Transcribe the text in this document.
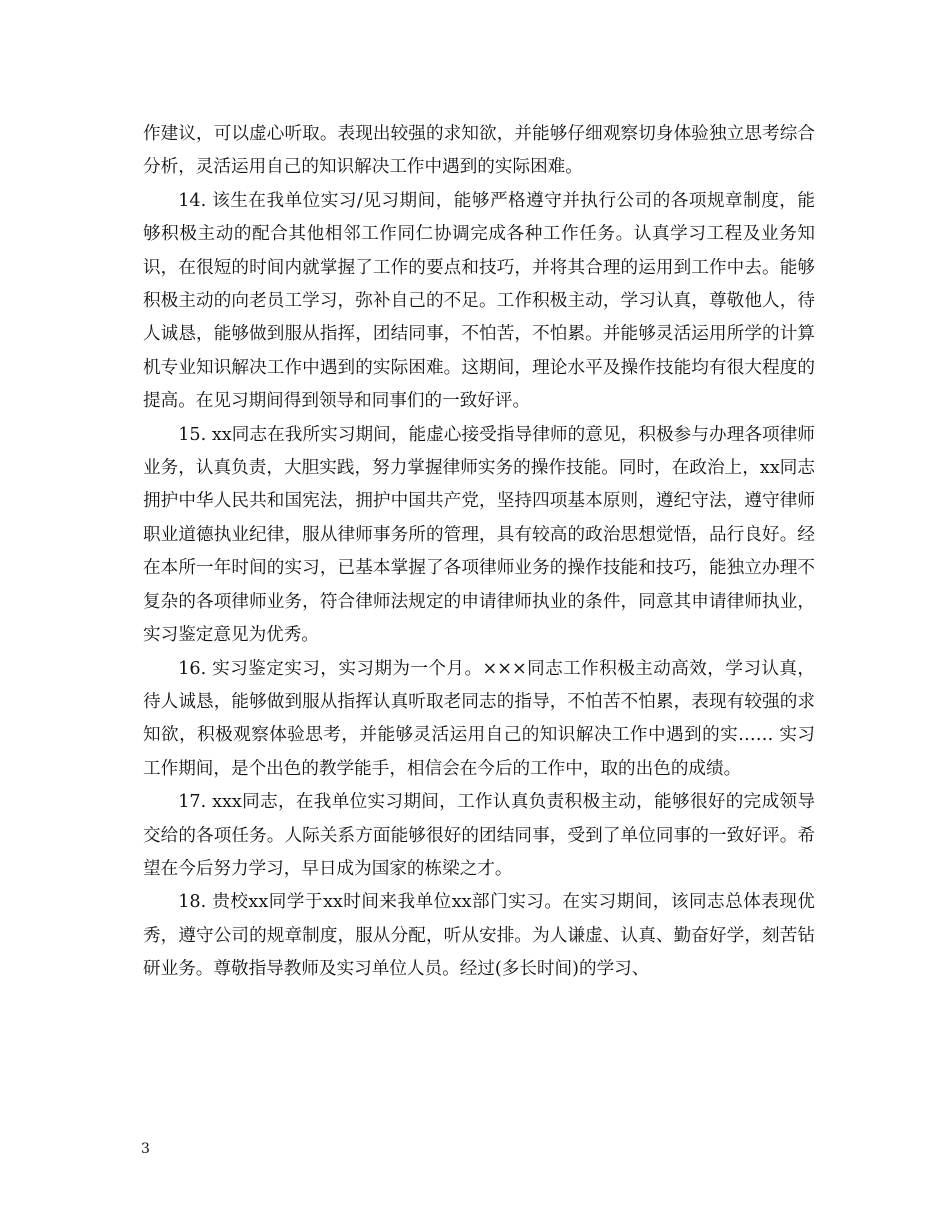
作建议，可以虚心听取。表现出较强的求知欲，并能够仔细观察切身体验独立思考综合分析，灵活运用自己的知识解决工作中遇到的实际困难。

14. 该生在我单位实习/见习期间，能够严格遵守并执行公司的各项规章制度，能够积极主动的配合其他相邻工作同仁协调完成各种工作任务。认真学习工程及业务知识，在很短的时间内就掌握了工作的要点和技巧，并将其合理的运用到工作中去。能够积极主动的向老员工学习，弥补自己的不足。工作积极主动，学习认真，尊敬他人，待人诚恳，能够做到服从指挥，团结同事，不怕苦，不怕累。并能够灵活运用所学的计算机专业知识解决工作中遇到的实际困难。这期间，理论水平及操作技能均有很大程度的提高。在见习期间得到领导和同事们的一致好评。

15. xx同志在我所实习期间，能虚心接受指导律师的意见，积极参与办理各项律师业务，认真负责，大胆实践，努力掌握律师实务的操作技能。同时，在政治上，xx同志拥护中华人民共和国宪法，拥护中国共产党，坚持四项基本原则，遵纪守法，遵守律师职业道德执业纪律，服从律师事务所的管理，具有较高的政治思想觉悟，品行良好。经在本所一年时间的实习，已基本掌握了各项律师业务的操作技能和技巧，能独立办理不复杂的各项律师业务，符合律师法规定的申请律师执业的条件，同意其申请律师执业，实习鉴定意见为优秀。

16. 实习鉴定实习，实习期为一个月。×××同志工作积极主动高效，学习认真，待人诚恳，能够做到服从指挥认真听取老同志的指导，不怕苦不怕累，表现有较强的求知欲，积极观察体验思考，并能够灵活运用自己的知识解决工作中遇到的实…… 实习工作期间，是个出色的教学能手，相信会在今后的工作中，取的出色的成绩。

17. xxx同志，在我单位实习期间，工作认真负责积极主动，能够很好的完成领导交给的各项任务。人际关系方面能够很好的团结同事，受到了单位同事的一致好评。希望在今后努力学习，早日成为国家的栋梁之才。

18. 贵校xx同学于xx时间来我单位xx部门实习。在实习期间，该同志总体表现优秀，遵守公司的规章制度，服从分配，听从安排。为人谦虚、认真、勤奋好学，刻苦钻研业务。尊敬指导教师及实习单位人员。经过(多长时间)的学习、

3
